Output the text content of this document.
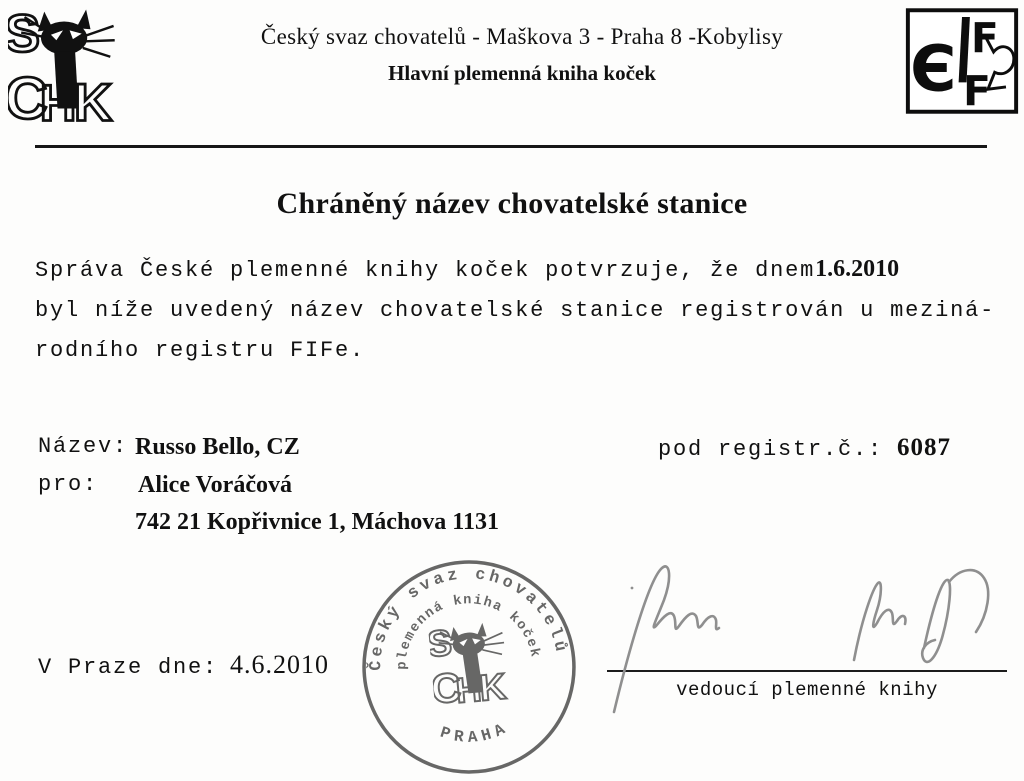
Český svaz chovatelů - Maškova 3 - Praha 8 -Kobylisy
Hlavní plemenná kniha koček	Є F
F
Chráněný název chovatelské stanice
Správa České plemenné knihy koček potvrzuje, že dnem1.6.2010
byl níže uvedený název chovatelské stanice registrován u meziná-
rodního registru FIFe.
Název: Russo Bello, CZ	pod registr.č.: 6087
pro: Alice Voráčová
742 21 Kopřivnice 1, Máchova 1131
V Praze dne: 4.6.2010	Český svaz chovatelů
plemenná kniha koček
PRAHA
vedoucí plemenné knihy
